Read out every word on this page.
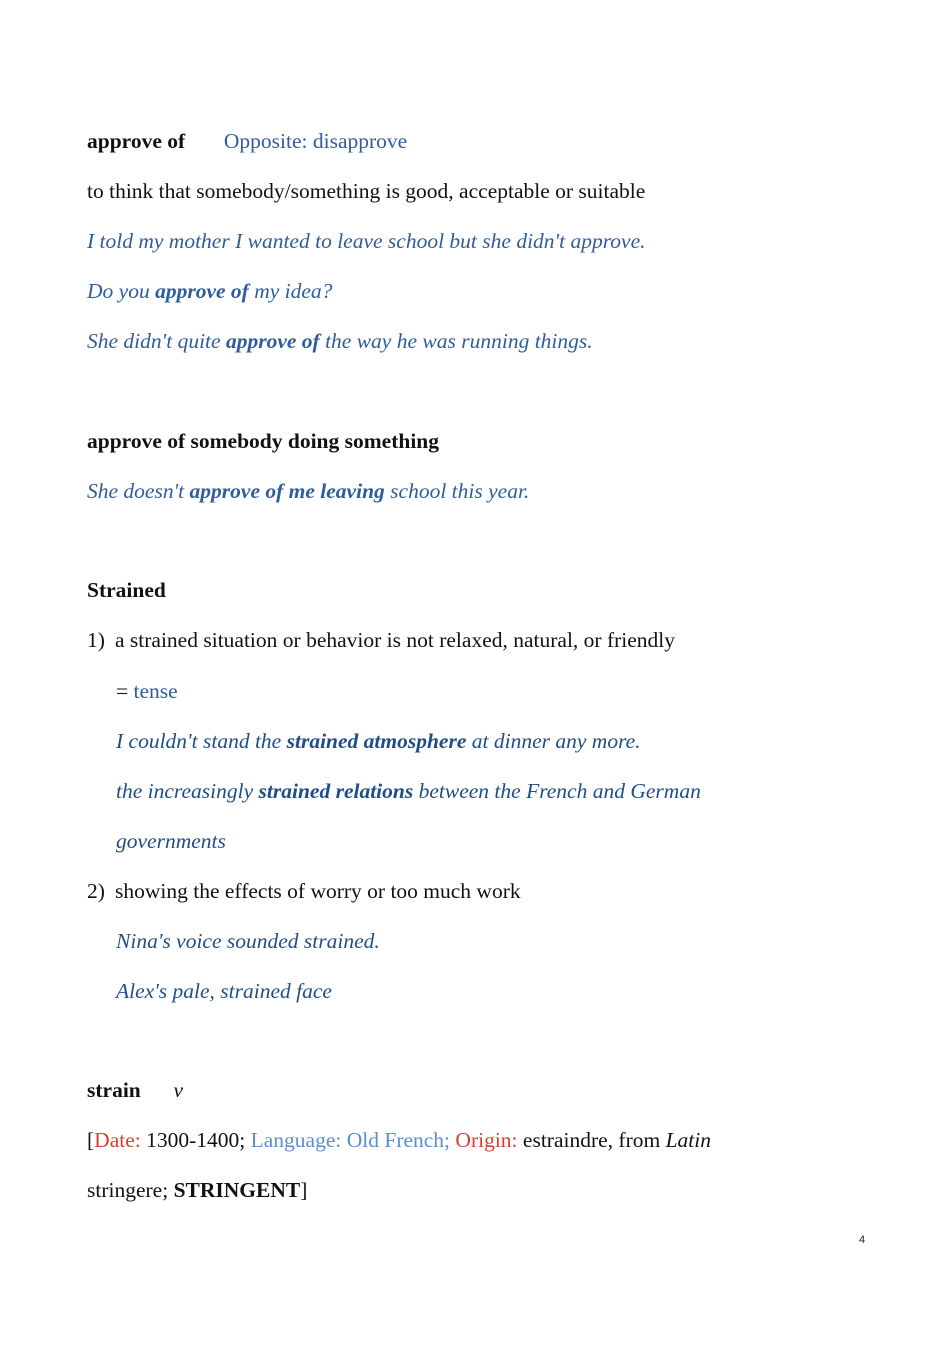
approve of Opposite: disapprove
to think that somebody/something is good, acceptable or suitable
I told my mother I wanted to leave school but she didn't approve.
Do you approve of my idea?
She didn't quite approve of the way he was running things.
approve of somebody doing something
She doesn't approve of me leaving school this year.
Strained
1) a strained situation or behavior is not relaxed, natural, or friendly
= tense
I couldn't stand the strained atmosphere at dinner any more.
the increasingly strained relations between the French and German
governments
2) showing the effects of worry or too much work
Nina's voice sounded strained.
Alex's pale, strained face
strain v
[Date: 1300-1400; Language: Old French; Origin: estraindre, from Latin
stringere; STRINGENT]
4
